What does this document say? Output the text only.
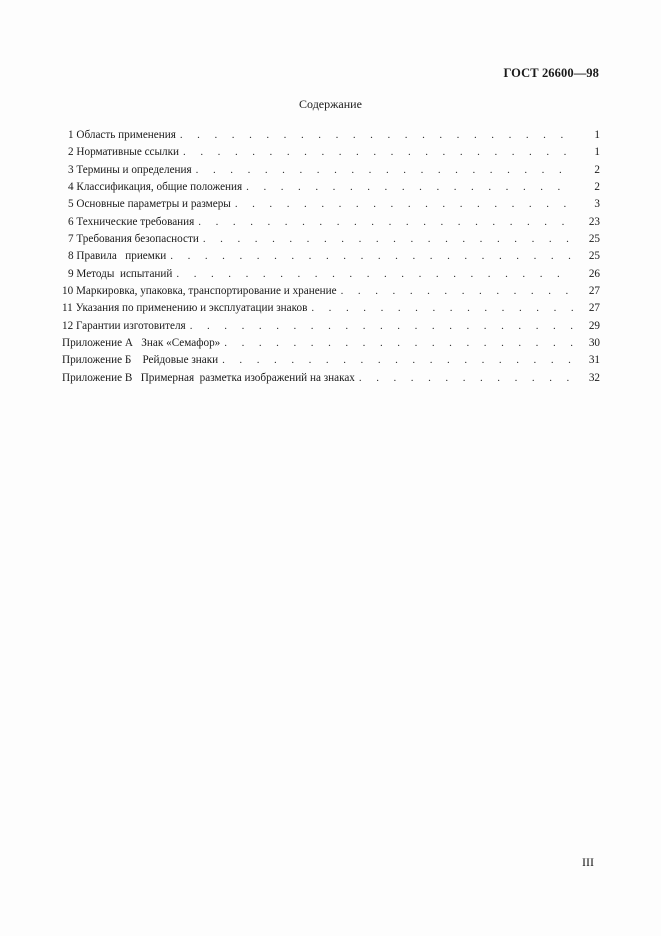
ГОСТ 26600—98
Содержание
1 Область применения . . .	1
2 Нормативные ссылки . . .	1
3 Термины и определения . . .	2
4 Классификация, общие положения . . .	2
5 Основные параметры и размеры . . .	3
6 Технические требования . . .	23
7 Требования безопасности . . .	25
8 Правила   приемки . . .	25
9 Методы  испытаний . . .	26
10 Маркировка, упаковка, транспортирование и хранение . . .	27
11 Указания по применению и эксплуатации знаков . . .	27
12 Гарантии изготовителя . . .	29
Приложение А   Знак «Семафор» . . .	30
Приложение Б    Рейдовые знаки . . .	31
Приложение В   Примерная  разметка изображений на знаках . . .	32
III
